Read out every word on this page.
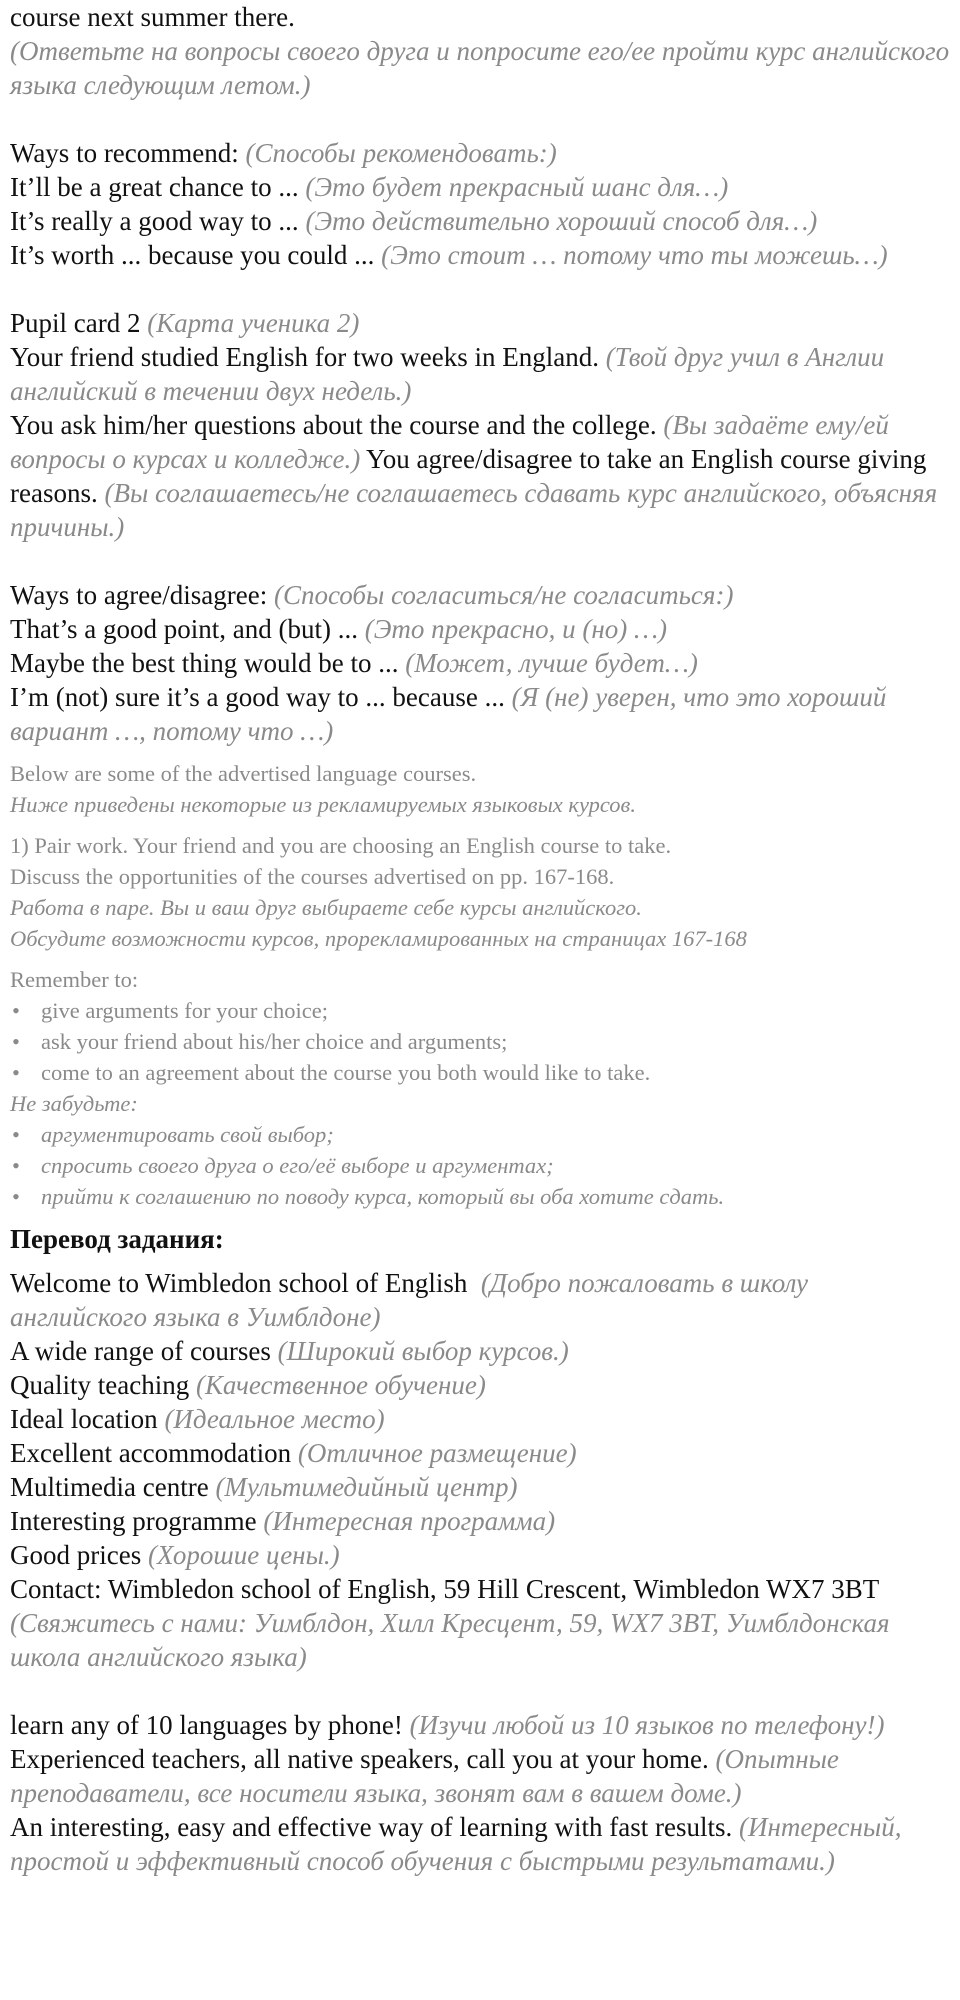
course next summer there.
(Ответьте на вопросы своего друга и попросите его/ее пройти курс английского языка следующим летом.)

Ways to recommend: (Способы рекомендовать:)
It’ll be a great chance to ... (Это будет прекрасный шанс для…)
It’s really a good way to ... (Это действительно хороший способ для…)
It’s worth ... because you could ... (Это стоит … потому что ты можешь…)

Pupil card 2 (Карта ученика 2)
Your friend studied English for two weeks in England. (Твой друг учил в Англии английский в течении двух недель.)
You ask him/her questions about the course and the college. (Вы задаёте ему/ей вопросы о курсах и колледже.) You agree/disagree to take an English course giving reasons. (Вы соглашаетесь/не соглашаетесь сдавать курс английского, объясняя причины.)

Ways to agree/disagree: (Способы согласиться/не согласиться:)
That’s a good point, and (but) ... (Это прекрасно, и (но) …)
Maybe the best thing would be to ... (Может, лучше будет…)
I’m (not) sure it’s a good way to ... because ... (Я (не) уверен, что это хороший вариант …, потому что …)

Below are some of the advertised language courses.

Ниже приведены некоторые из рекламируемых языковых курсов.

1) Pair work. Your friend and you are choosing an English course to take.

Discuss the opportunities of the courses advertised on pp. 167-168.

Работа в паре. Вы и ваш друг выбираете себе курсы английского.

Обсудите возможности курсов, прорекламированных на страницах 167-168

Remember to:

• give arguments for your choice;
• ask your friend about his/her choice and arguments;
• come to an agreement about the course you both would like to take.

Не забудьте:

• аргументировать свой выбор;
• спросить своего друга о его/её выборе и аргументах;
• прийти к соглашению по поводу курса, который вы оба хотите сдать.

Перевод задания:

Welcome to Wimbledon school of English (Добро пожаловать в школу английского языка в Уимблдоне)
A wide range of courses (Широкий выбор курсов.)
Quality teaching (Качественное обучение)
Ideal location (Идеальное место)
Excellent accommodation (Отличное размещение)
Multimedia centre (Мультимедийный центр)
Interesting programme (Интересная программа)
Good prices (Хорошие цены.)
Contact: Wimbledon school of English, 59 Hill Crescent, Wimbledon WX7 3BT (Свяжитесь с нами: Уимблдон, Хилл Кресцент, 59, WX7 3BT, Уимблдонская школа английского языка)

learn any of 10 languages by phone! (Изучи любой из 10 языков по телефону!)
Experienced teachers, all native speakers, call you at your home. (Опытные преподаватели, все носители языка, звонят вам в вашем доме.)
An interesting, easy and effective way of learning with fast results. (Интересный, простой и эффективный способ обучения с быстрыми результатами.)
